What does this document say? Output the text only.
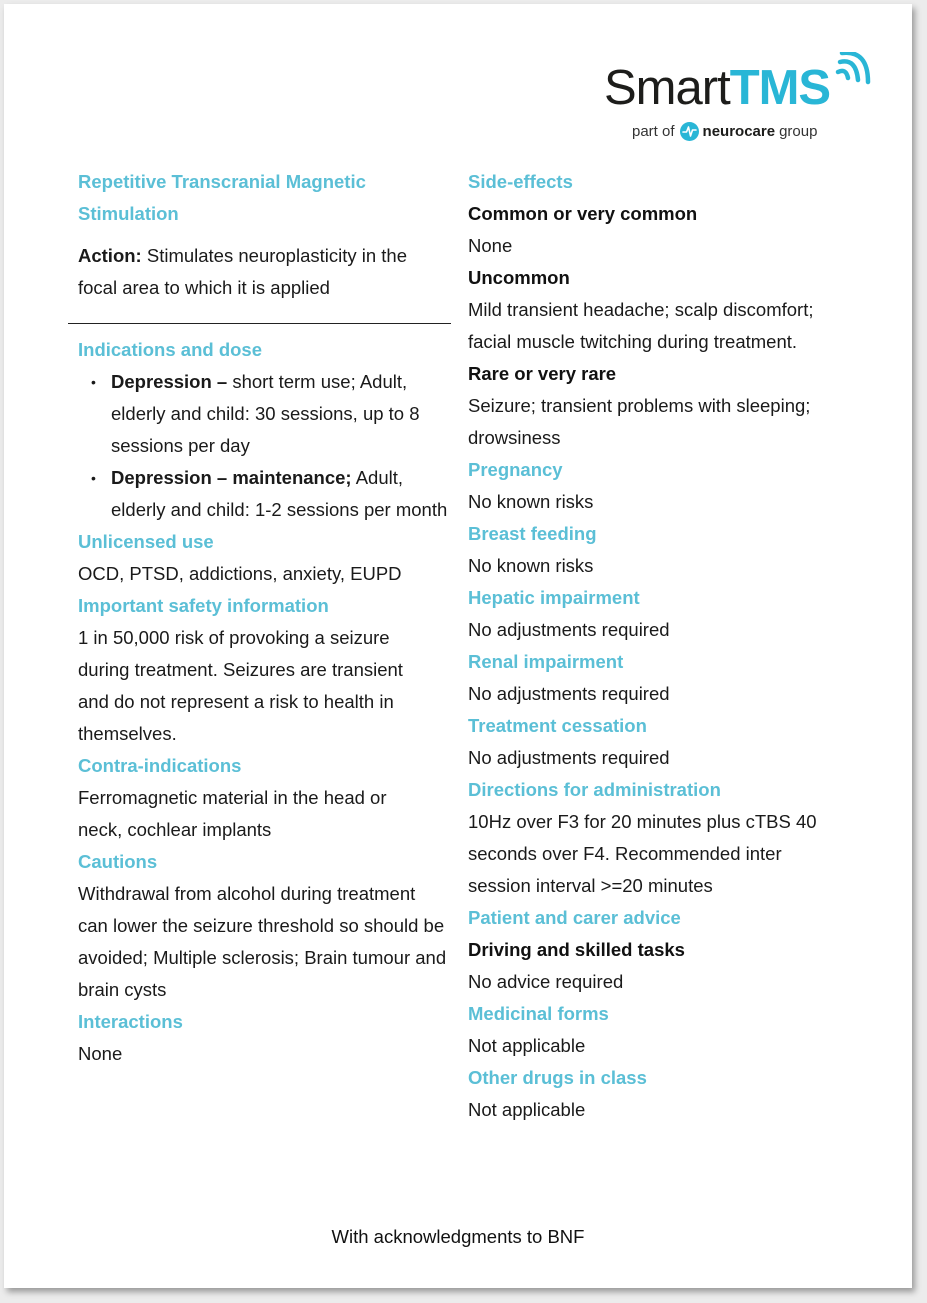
SmartTMS
part of neurocare group
Repetitive Transcranial Magnetic Stimulation

Action: Stimulates neuroplasticity in the focal area to which it is applied

Indications and dose
• Depression – short term use; Adult, elderly and child: 30 sessions, up to 8 sessions per day
• Depression – maintenance; Adult, elderly and child: 1-2 sessions per month
Unlicensed use

OCD, PTSD, addictions, anxiety, EUPD

Important safety information

1 in 50,000 risk of provoking a seizure during treatment. Seizures are transient and do not represent a risk to health in themselves.

Contra-indications

Ferromagnetic material in the head or neck, cochlear implants

Cautions

Withdrawal from alcohol during treatment can lower the seizure threshold so should be avoided; Multiple sclerosis; Brain tumour and brain cysts

Interactions

None

Side-effects
Common or very common

None

Uncommon

Mild transient headache; scalp discomfort; facial muscle twitching during treatment.

Rare or very rare

Seizure; transient problems with sleeping; drowsiness

Pregnancy

No known risks

Breast feeding

No known risks

Hepatic impairment

No adjustments required

Renal impairment

No adjustments required

Treatment cessation

No adjustments required

Directions for administration

10Hz over F3 for 20 minutes plus cTBS 40 seconds over F4. Recommended inter session interval >=20 minutes

Patient and carer advice
Driving and skilled tasks

No advice required

Medicinal forms

Not applicable

Other drugs in class

Not applicable

With acknowledgments to BNF
